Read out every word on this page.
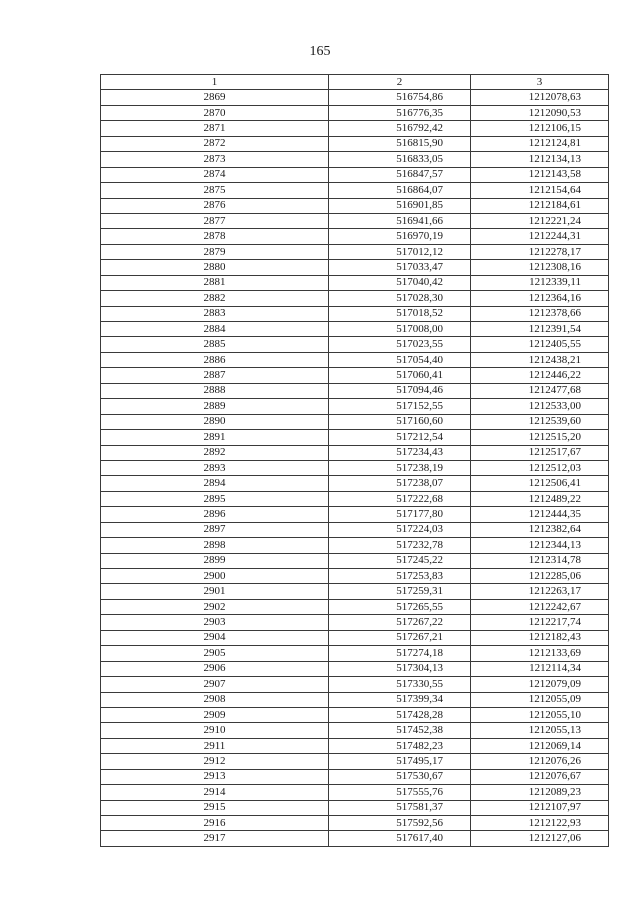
165
1	2	3
2869	516754,86	1212078,63
2870	516776,35	1212090,53
2871	516792,42	1212106,15
2872	516815,90	1212124,81
2873	516833,05	1212134,13
2874	516847,57	1212143,58
2875	516864,07	1212154,64
2876	516901,85	1212184,61
2877	516941,66	1212221,24
2878	516970,19	1212244,31
2879	517012,12	1212278,17
2880	517033,47	1212308,16
2881	517040,42	1212339,11
2882	517028,30	1212364,16
2883	517018,52	1212378,66
2884	517008,00	1212391,54
2885	517023,55	1212405,55
2886	517054,40	1212438,21
2887	517060,41	1212446,22
2888	517094,46	1212477,68
2889	517152,55	1212533,00
2890	517160,60	1212539,60
2891	517212,54	1212515,20
2892	517234,43	1212517,67
2893	517238,19	1212512,03
2894	517238,07	1212506,41
2895	517222,68	1212489,22
2896	517177,80	1212444,35
2897	517224,03	1212382,64
2898	517232,78	1212344,13
2899	517245,22	1212314,78
2900	517253,83	1212285,06
2901	517259,31	1212263,17
2902	517265,55	1212242,67
2903	517267,22	1212217,74
2904	517267,21	1212182,43
2905	517274,18	1212133,69
2906	517304,13	1212114,34
2907	517330,55	1212079,09
2908	517399,34	1212055,09
2909	517428,28	1212055,10
2910	517452,38	1212055,13
2911	517482,23	1212069,14
2912	517495,17	1212076,26
2913	517530,67	1212076,67
2914	517555,76	1212089,23
2915	517581,37	1212107,97
2916	517592,56	1212122,93
2917	517617,40	1212127,06
